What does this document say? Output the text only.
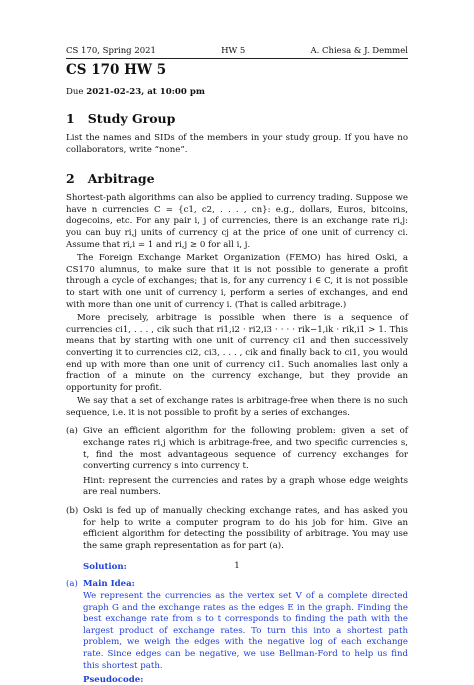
CS 170, Spring 2021	HW 5	A. Chiesa & J. Demmel
CS 170 HW 5
Due 2021-02-23, at 10:00 pm
1 Study Group

List the names and SIDs of the members in your study group. If you have no collaborators, write “none”.

2 Arbitrage

Shortest-path algorithms can also be applied to currency trading. Suppose we have n currencies C = {c1, c2, . . . , cn}: e.g., dollars, Euros, bitcoins, dogecoins, etc. For any pair i, j of currencies, there is an exchange rate ri,j: you can buy ri,j units of currency cj at the price of one unit of currency ci. Assume that ri,i = 1 and ri,j ≥ 0 for all i, j.

The Foreign Exchange Market Organization (FEMO) has hired Oski, a CS170 alumnus, to make sure that it is not possible to generate a profit through a cycle of exchanges; that is, for any currency i ∈ C, it is not possible to start with one unit of currency i, perform a series of exchanges, and end with more than one unit of currency i. (That is called arbitrage.)

More precisely, arbitrage is possible when there is a sequence of currencies ci1, . . . , cik such that ri1,i2 · ri2,i3 · · · · rik−1,ik · rik,i1 > 1. This means that by starting with one unit of currency ci1 and then successively converting it to currencies ci2, ci3, . . . , cik and finally back to ci1, you would end up with more than one unit of currency ci1. Such anomalies last only a fraction of a minute on the currency exchange, but they provide an opportunity for profit.

We say that a set of exchange rates is arbitrage-free when there is no such sequence, i.e. it is not possible to profit by a series of exchanges.

(a) Give an efficient algorithm for the following problem: given a set of exchange rates ri,j which is arbitrage-free, and two specific currencies s, t, find the most advantageous sequence of currency exchanges for converting currency s into currency t.
Hint: represent the currencies and rates by a graph whose edge weights are real numbers.
(b) Oski is fed up of manually checking exchange rates, and has asked you for help to write a computer program to do his job for him. Give an efficient algorithm for detecting the possibility of arbitrage. You may use the same graph representation as for part (a).
Solution:
(a) Main Idea:
We represent the currencies as the vertex set V of a complete directed graph G and the exchange rates as the edges E in the graph. Finding the best exchange rate from s to t corresponds to finding the path with the largest product of exchange rates. To turn this into a shortest path problem, we weigh the edges with the negative log of each exchange rate. Since edges can be negative, we use Bellman-Ford to help us find this shortest path.
Pseudocode:
1
